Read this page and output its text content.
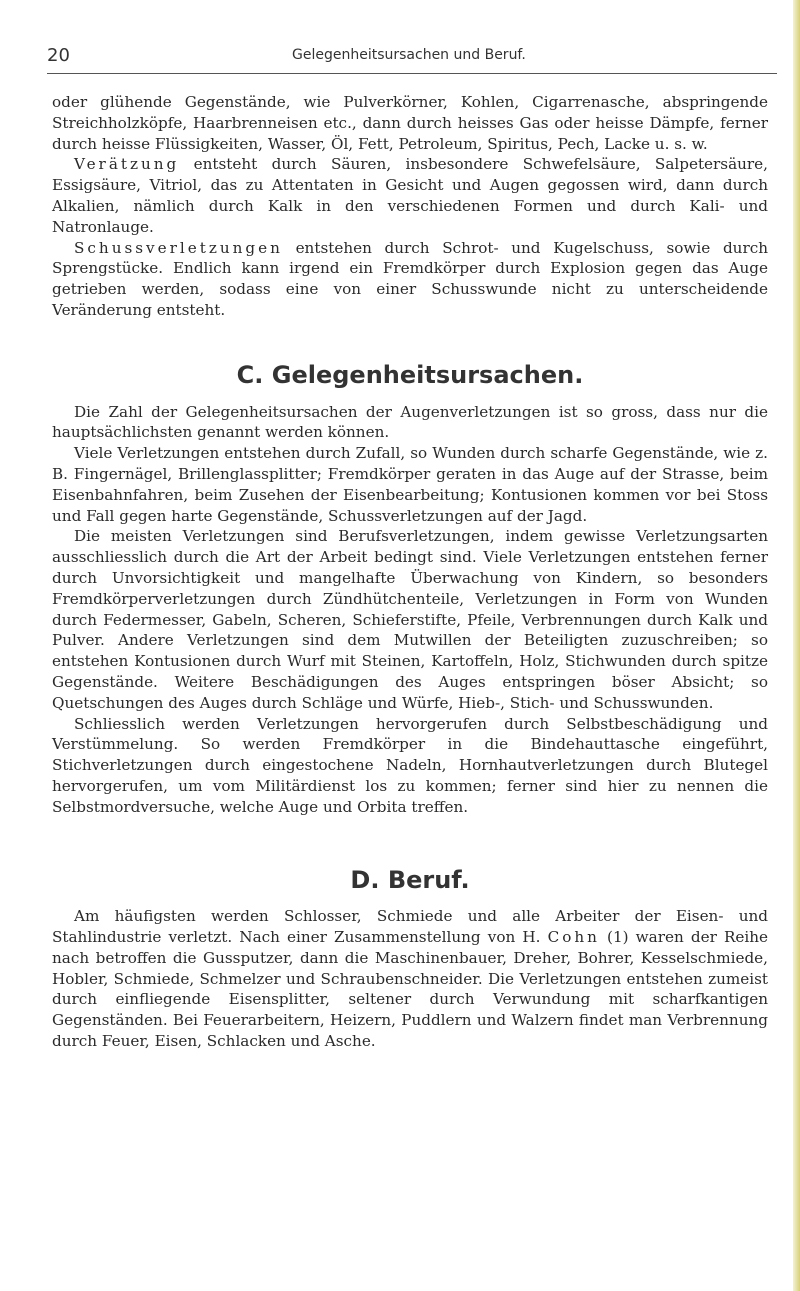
20	Gelegenheitsursachen und Beruf.

oder glühende Gegenstände, wie Pulverkörner, Kohlen, Cigarrenasche, abspringende Streichholzköpfe, Haarbrenneisen etc., dann durch heisses Gas oder heisse Dämpfe, ferner durch heisse Flüssigkeiten, Wasser, Öl, Fett, Petroleum, Spiritus, Pech, Lacke u. s. w.

Verätzung entsteht durch Säuren, insbesondere Schwefelsäure, Salpetersäure, Essigsäure, Vitriol, das zu Attentaten in Gesicht und Augen gegossen wird, dann durch Alkalien, nämlich durch Kalk in den verschiedenen Formen und durch Kali- und Natronlauge.

Schussverletzungen entstehen durch Schrot- und Kugelschuss, sowie durch Sprengstücke. Endlich kann irgend ein Fremdkörper durch Explosion gegen das Auge getrieben werden, sodass eine von einer Schusswunde nicht zu unterscheidende Veränderung entsteht.

C. Gelegenheitsursachen.

Die Zahl der Gelegenheitsursachen der Augenverletzungen ist so gross, dass nur die hauptsächlichsten genannt werden können.

Viele Verletzungen entstehen durch Zufall, so Wunden durch scharfe Gegenstände, wie z. B. Fingernägel, Brillenglassplitter; Fremdkörper geraten in das Auge auf der Strasse, beim Eisenbahnfahren, beim Zusehen der Eisenbearbeitung; Kontusionen kommen vor bei Stoss und Fall gegen harte Gegenstände, Schussverletzungen auf der Jagd.

Die meisten Verletzungen sind Berufsverletzungen, indem gewisse Verletzungsarten ausschliesslich durch die Art der Arbeit bedingt sind. Viele Verletzungen entstehen ferner durch Unvorsichtigkeit und mangelhafte Überwachung von Kindern, so besonders Fremdkörperverletzungen durch Zündhütchenteile, Verletzungen in Form von Wunden durch Federmesser, Gabeln, Scheren, Schieferstifte, Pfeile, Verbrennungen durch Kalk und Pulver. Andere Verletzungen sind dem Mutwillen der Beteiligten zuzuschreiben; so entstehen Kontusionen durch Wurf mit Steinen, Kartoffeln, Holz, Stichwunden durch spitze Gegenstände. Weitere Beschädigungen des Auges entspringen böser Absicht; so Quetschungen des Auges durch Schläge und Würfe, Hieb-, Stich- und Schusswunden.

Schliesslich werden Verletzungen hervorgerufen durch Selbstbeschädigung und Verstümmelung. So werden Fremdkörper in die Bindehauttasche eingeführt, Stichverletzungen durch eingestochene Nadeln, Hornhautverletzungen durch Blutegel hervorgerufen, um vom Militärdienst los zu kommen; ferner sind hier zu nennen die Selbstmordversuche, welche Auge und Orbita treffen.

D. Beruf.

Am häufigsten werden Schlosser, Schmiede und alle Arbeiter der Eisen- und Stahlindustrie verletzt. Nach einer Zusammenstellung von H. Cohn (1) waren der Reihe nach betroffen die Gussputzer, dann die Maschinenbauer, Dreher, Bohrer, Kesselschmiede, Hobler, Schmiede, Schmelzer und Schraubenschneider. Die Verletzungen entstehen zumeist durch einfliegende Eisensplitter, seltener durch Verwundung mit scharfkantigen Gegenständen. Bei Feuerarbeitern, Heizern, Puddlern und Walzern findet man Verbrennung durch Feuer, Eisen, Schlacken und Asche.
